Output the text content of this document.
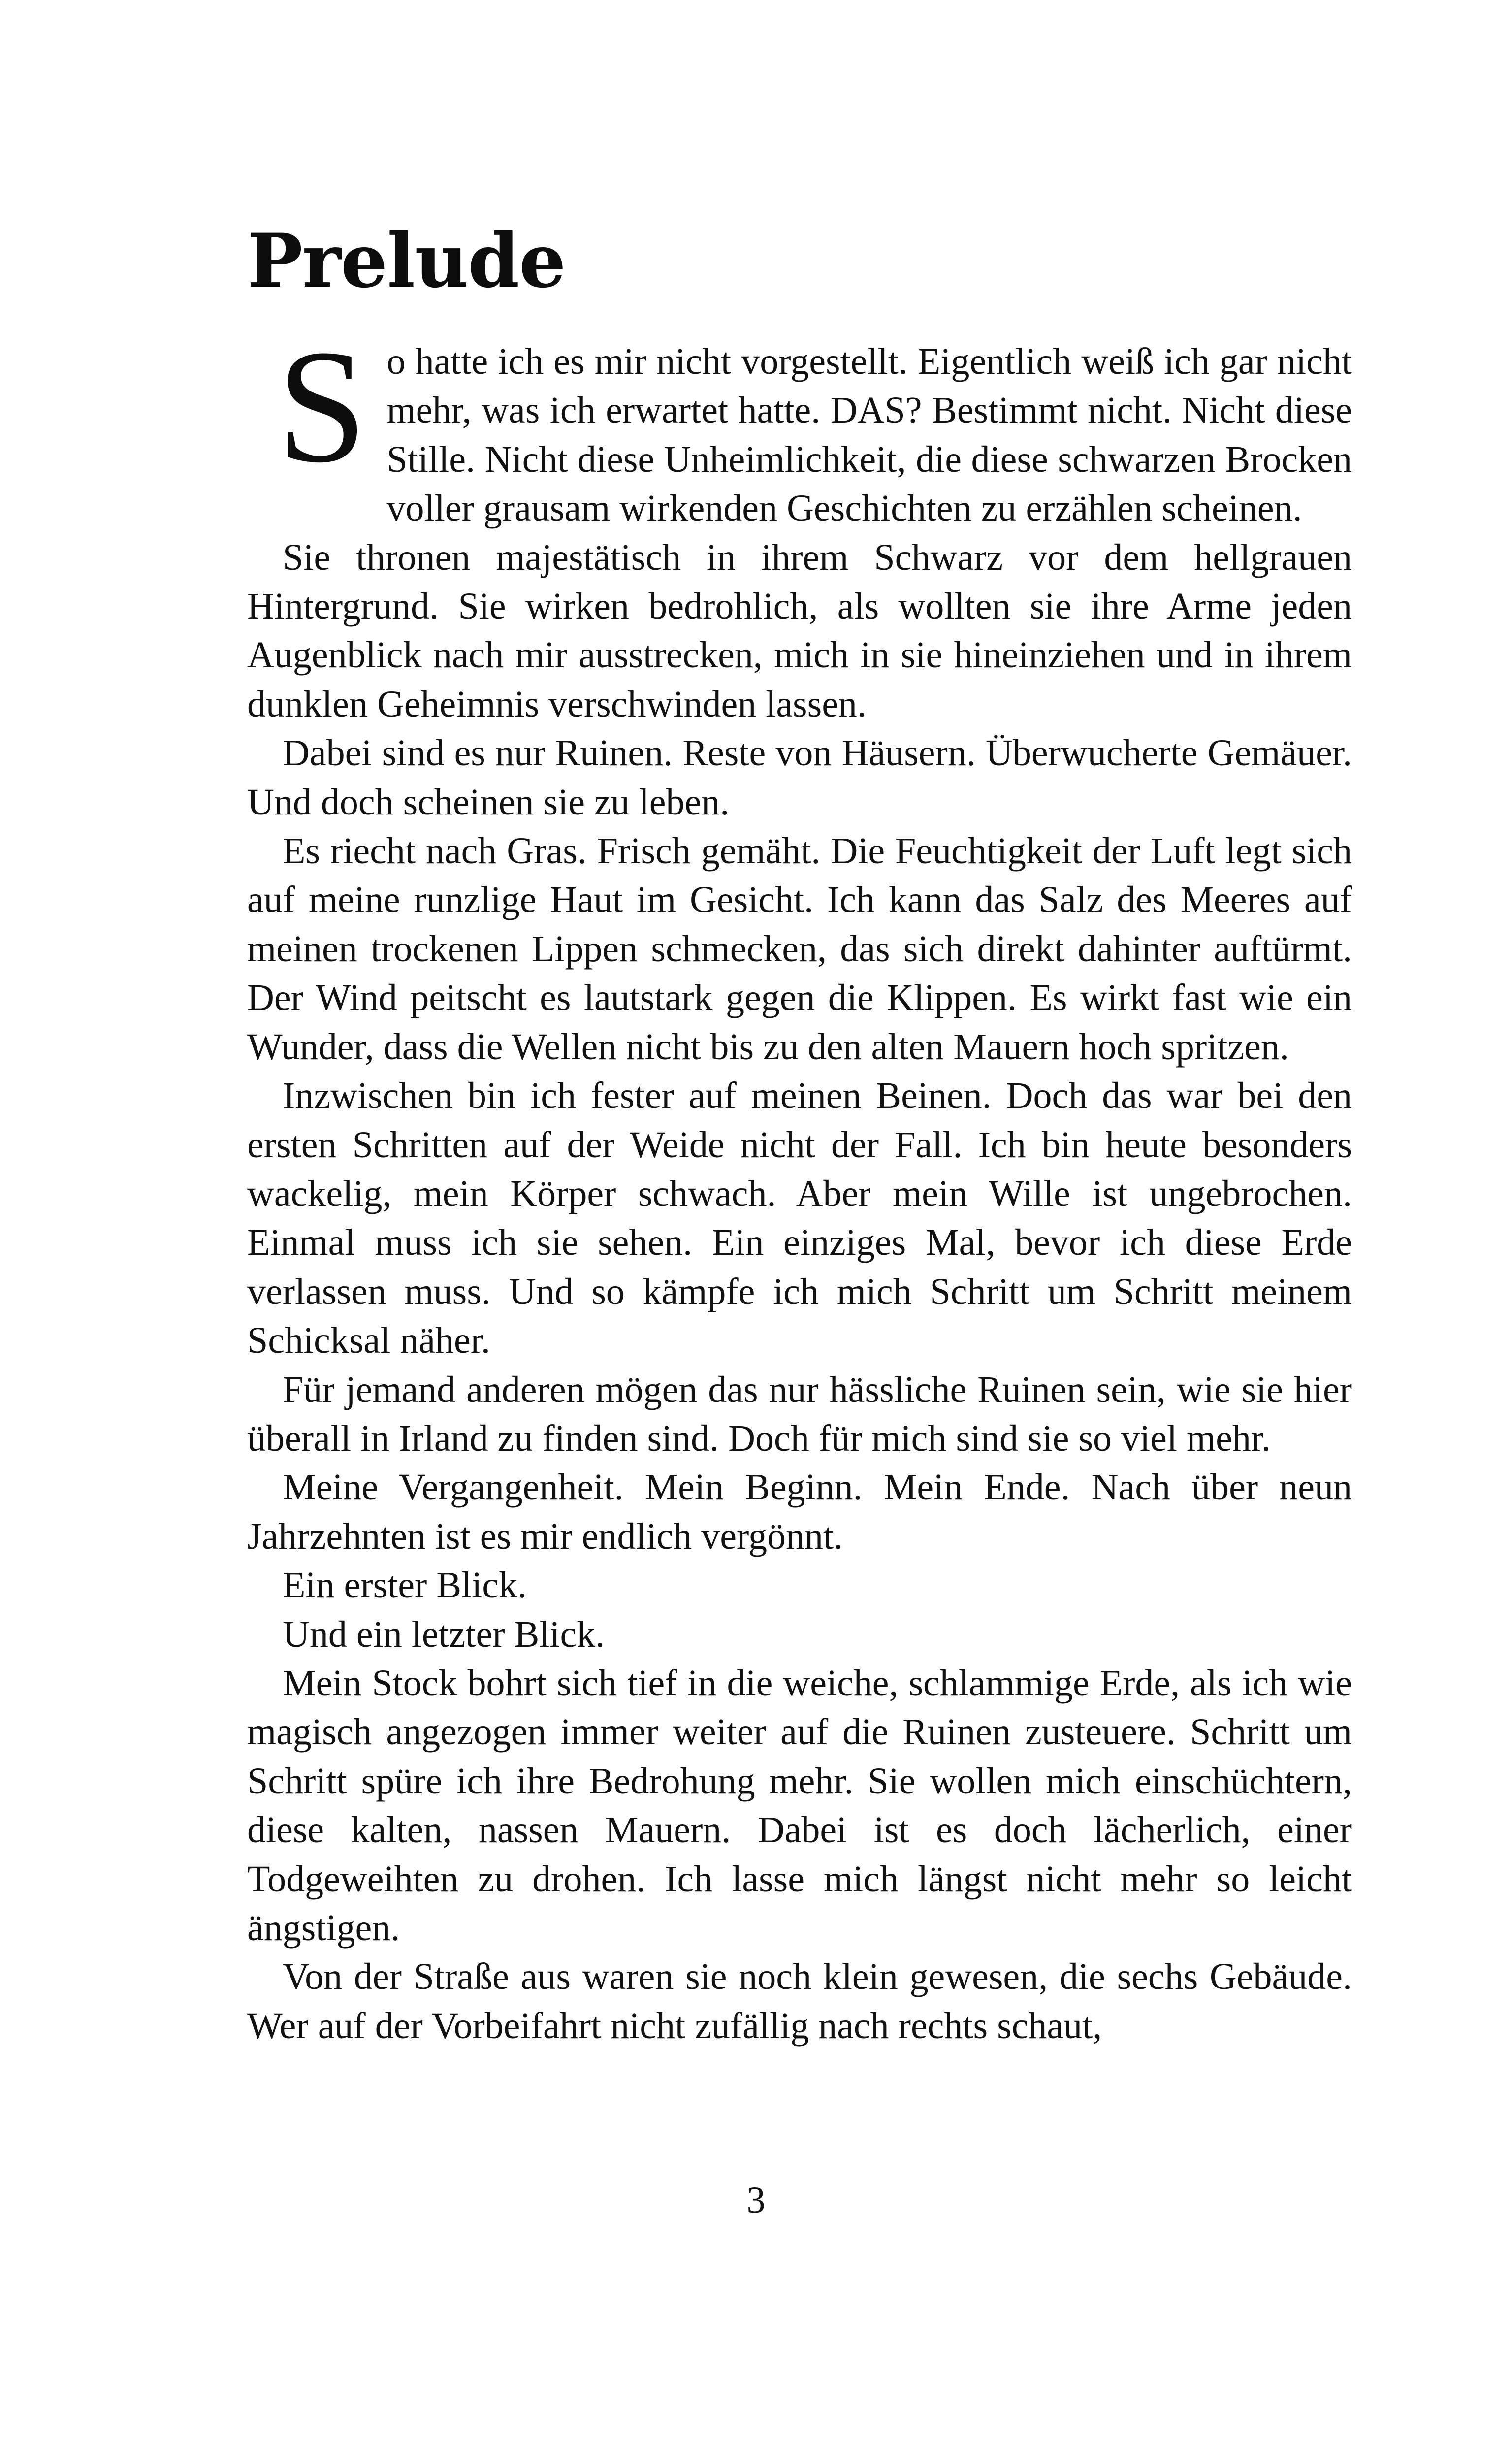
Prelude

So hatte ich es mir nicht vorgestellt. Eigentlich weiß ich gar nicht mehr, was ich erwartet hatte. DAS? Bestimmt nicht. Nicht diese Stille. Nicht diese Unheimlichkeit, die diese schwarzen Brocken voller grausam wirkenden Geschichten zu erzählen scheinen.

Sie thronen majestätisch in ihrem Schwarz vor dem hellgrauen Hintergrund. Sie wirken bedrohlich, als wollten sie ihre Arme jeden Augenblick nach mir ausstrecken, mich in sie hineinziehen und in ihrem dunklen Geheimnis verschwinden lassen.

Dabei sind es nur Ruinen. Reste von Häusern. Überwucherte Gemäuer. Und doch scheinen sie zu leben.

Es riecht nach Gras. Frisch gemäht. Die Feuchtigkeit der Luft legt sich auf meine runzlige Haut im Gesicht. Ich kann das Salz des Meeres auf meinen trockenen Lippen schmecken, das sich direkt dahinter auftürmt. Der Wind peitscht es lautstark gegen die Klippen. Es wirkt fast wie ein Wunder, dass die Wellen nicht bis zu den alten Mauern hoch spritzen.

Inzwischen bin ich fester auf meinen Beinen. Doch das war bei den ersten Schritten auf der Weide nicht der Fall. Ich bin heute besonders wackelig, mein Körper schwach. Aber mein Wille ist ungebrochen. Einmal muss ich sie sehen. Ein einziges Mal, bevor ich diese Erde verlassen muss. Und so kämpfe ich mich Schritt um Schritt meinem Schicksal näher.

Für jemand anderen mögen das nur hässliche Ruinen sein, wie sie hier überall in Irland zu finden sind. Doch für mich sind sie so viel mehr.

Meine Vergangenheit. Mein Beginn. Mein Ende. Nach über neun Jahrzehnten ist es mir endlich vergönnt.

Ein erster Blick.

Und ein letzter Blick.

Mein Stock bohrt sich tief in die weiche, schlammige Erde, als ich wie magisch angezogen immer weiter auf die Ruinen zusteuere. Schritt um Schritt spüre ich ihre Bedrohung mehr. Sie wollen mich einschüchtern, diese kalten, nassen Mauern. Dabei ist es doch lächerlich, einer Todgeweihten zu drohen. Ich lasse mich längst nicht mehr so leicht ängstigen.

Von der Straße aus waren sie noch klein gewesen, die sechs Gebäude. Wer auf der Vorbeifahrt nicht zufällig nach rechts schaut,

3
